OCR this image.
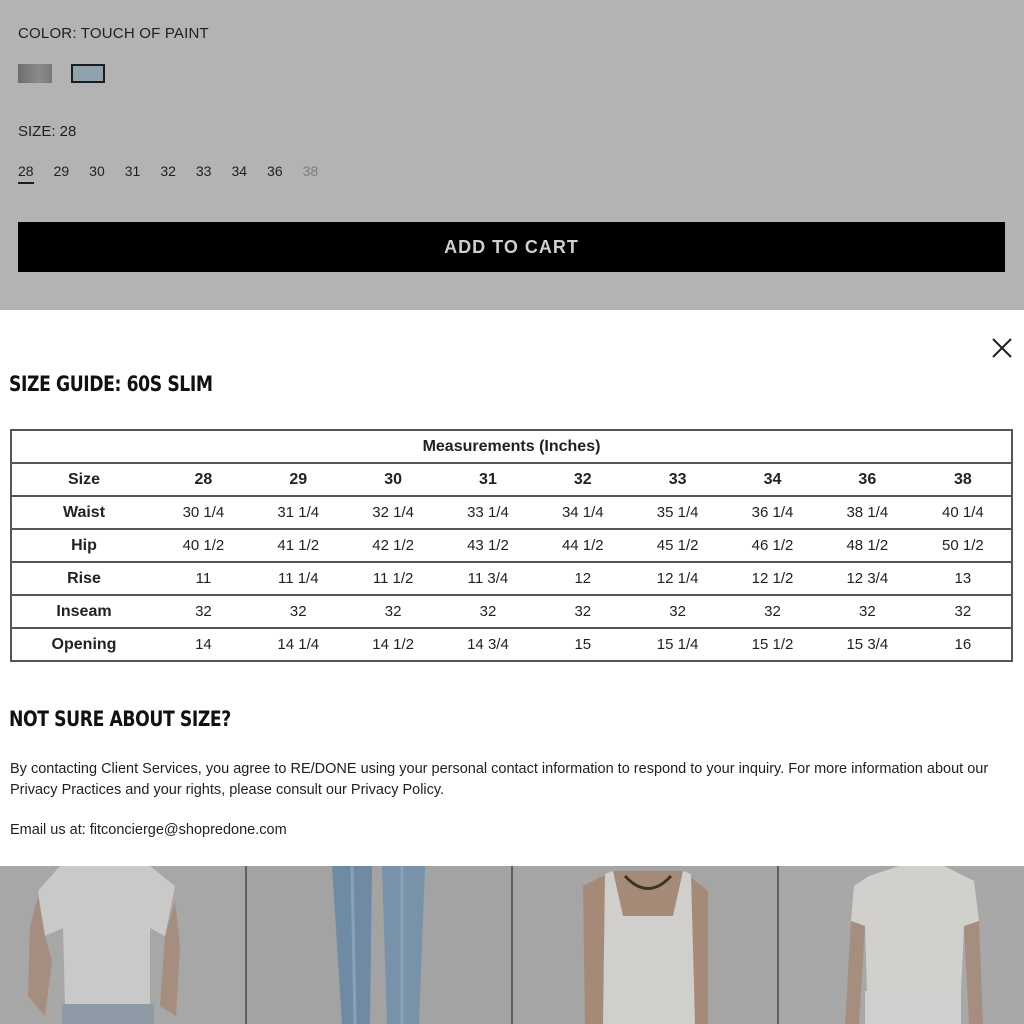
COLOR: TOUCH OF PAINT
SIZE: 28
28 29 30 31 32 33 34 36 38
ADD TO CART
SIZE GUIDE: 60S SLIM
Measurements (Inches)									
Size	28	29	30	31	32	33	34	36	38
Waist	30 1/4	31 1/4	32 1/4	33 1/4	34 1/4	35 1/4	36 1/4	38 1/4	40 1/4
Hip	40 1/2	41 1/2	42 1/2	43 1/2	44 1/2	45 1/2	46 1/2	48 1/2	50 1/2
Rise	11	11 1/4	11 1/2	11 3/4	12	12 1/4	12 1/2	12 3/4	13
Inseam	32	32	32	32	32	32	32	32	32
Opening	14	14 1/4	14 1/2	14 3/4	15	15 1/4	15 1/2	15 3/4	16
NOT SURE ABOUT SIZE?
By contacting Client Services, you agree to RE/DONE using your personal contact information to respond to your inquiry. For more information about our Privacy Practices and your rights, please consult our Privacy Policy.
Email us at: fitconcierge@shopredone.com
